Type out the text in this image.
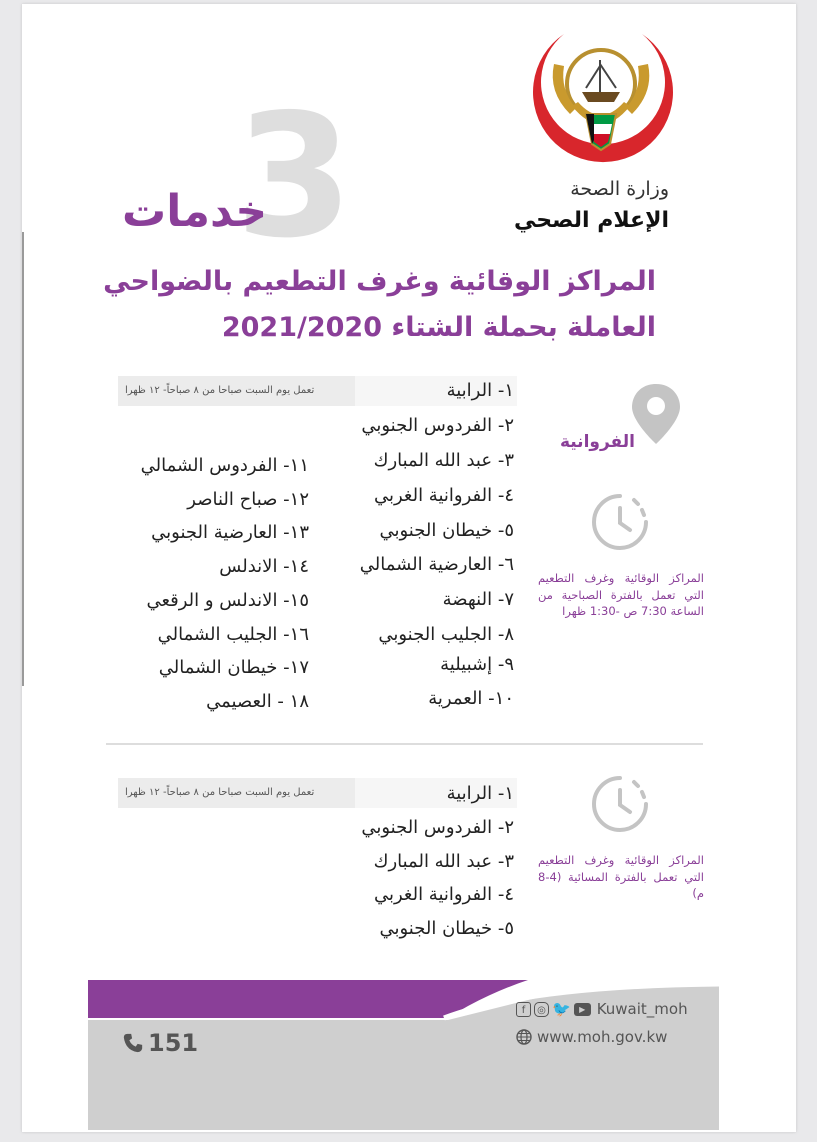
3
خدمات	وزارة الصحة
الإعلام الصحي
المراكز الوقائية وغرف التطعيم بالضواحي
العاملة بحملة الشتاء 2021/2020
الفروانية
تعمل يوم السبت صباحا من ٨ صباحاً- ١٢ ظهرا	١- الرابية
٢- الفردوس الجنوبي
٣- عبد الله المبارك
٤- الفروانية الغربي
٥- خيطان الجنوبي
٦- العارضية الشمالي
٧- النهضة
٨- الجليب الجنوبي
٩- إشبيلية
١٠- العمرية
١١- الفردوس الشمالي
١٢- صباح الناصر
١٣- العارضية الجنوبي
١٤- الاندلس
١٥- الاندلس و الرقعي
١٦- الجليب الشمالي
١٧- خيطان الشمالي
١٨ - العصيمي
المراكز الوقائية وغرف التطعيم التي تعمل بالفترة الصباحية من الساعة 7:30 ص -1:30 ظهرا
تعمل يوم السبت صباحا من ٨ صباحاً- ١٢ ظهرا	١- الرابية
٢- الفردوس الجنوبي
٣- عبد الله المبارك
٤- الفروانية الغربي
٥- خيطان الجنوبي
المراكز الوقائية وغرف التطعيم التي تعمل بالفترة المسائية (4-8 م)
f	◎ 🐦	▶ Kuwait_moh
www.moh.gov.kw
151
